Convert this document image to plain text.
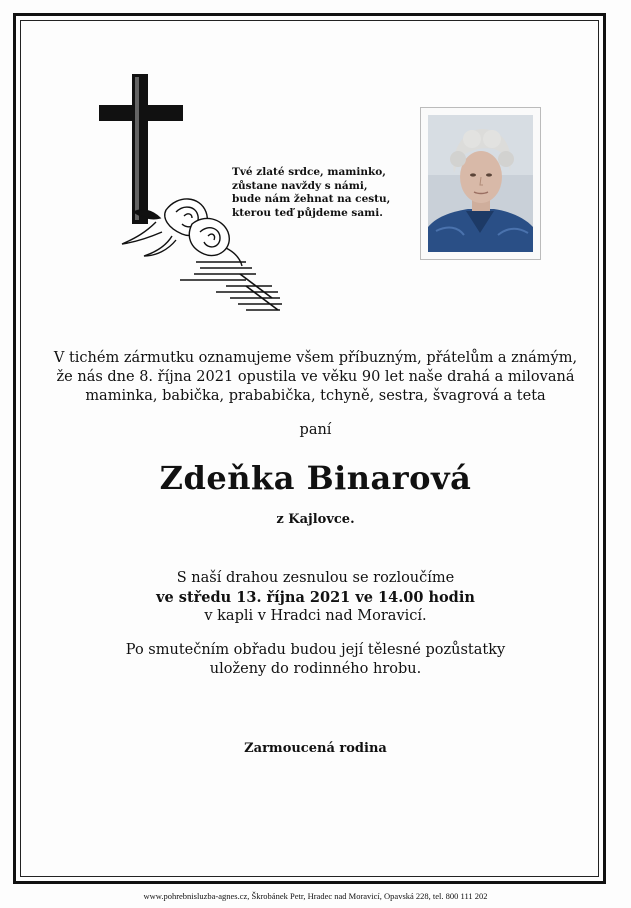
Tvé zlaté srdce, maminko,
zůstane navždy s námi,
bude nám žehnat na cestu,
kterou teď půjdeme sami.
V tichém zármutku oznamujeme všem příbuzným, přátelům a známým,
že nás dne 8. října 2021 opustila ve věku 90 let naše drahá a milovaná
maminka, babička, prababička, tchyně, sestra, švagrová a teta
paní
Zdeňka Binarová
z Kajlovce.
S naší drahou zesnulou se rozloučíme
ve středu 13. října 2021 ve 14.00 hodin
v kapli v Hradci nad Moravicí.
Po smutečním obřadu budou její tělesné pozůstatky
uloženy do rodinného hrobu.
Zarmoucená rodina
www.pohrebnisluzba-agnes.cz, Škrobánek Petr, Hradec nad Moravicí, Opavská 228, tel. 800 111 202
